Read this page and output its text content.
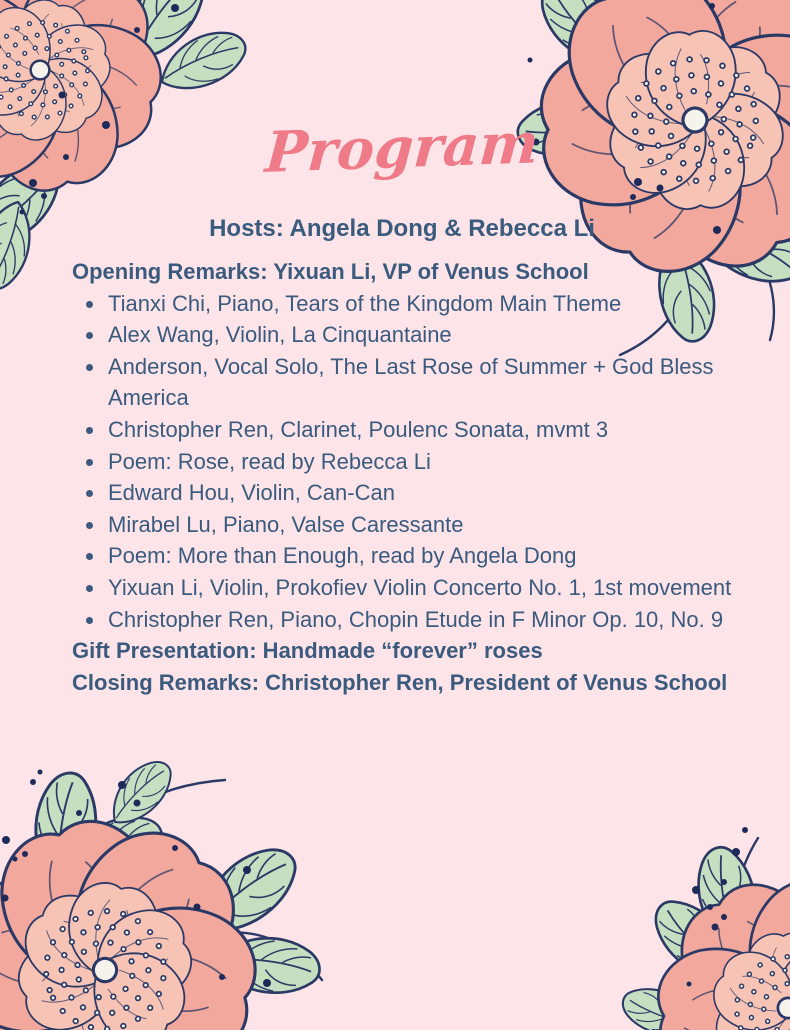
Program

Hosts: Angela Dong & Rebecca Li

Opening Remarks: Yixuan Li, VP of Venus School

• Tianxi Chi, Piano, Tears of the Kingdom Main Theme
• Alex Wang, Violin, La Cinquantaine
• Anderson, Vocal Solo, The Last Rose of Summer + God Bless America
• Christopher Ren, Clarinet, Poulenc Sonata, mvmt 3
• Poem: Rose, read by Rebecca Li
• Edward Hou, Violin, Can-Can
• Mirabel Lu, Piano, Valse Caressante
• Poem: More than Enough, read by Angela Dong
• Yixuan Li, Violin, Prokofiev Violin Concerto No. 1, 1st movement
• Christopher Ren, Piano, Chopin Etude in F Minor Op. 10, No. 9

Gift Presentation: Handmade “forever” roses

Closing Remarks: Christopher Ren, President of Venus School
